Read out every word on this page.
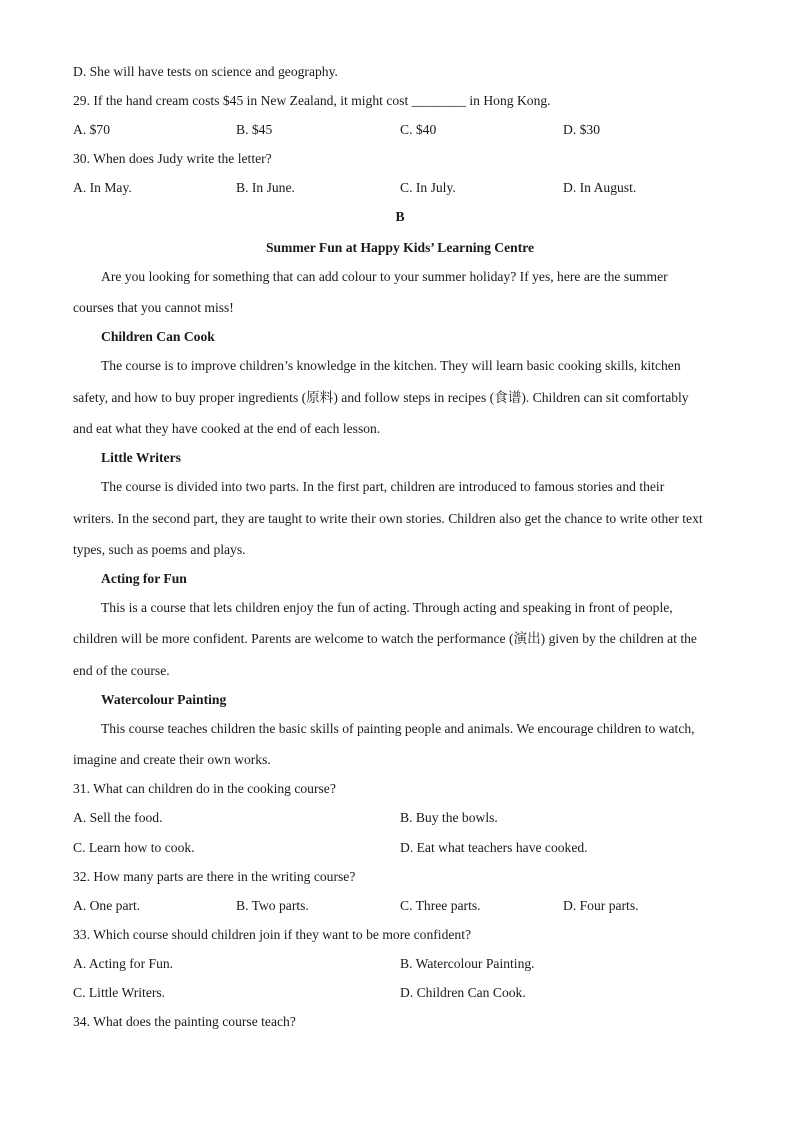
D. She will have tests on science and geography.
29. If the hand cream costs $45 in New Zealand, it might cost ________ in Hong Kong.
A. $70	B. $45	C. $40	D. $30
30. When does Judy write the letter?
A. In May.	B. In June.	C. In July.	D. In August.
B
Summer Fun at Happy Kids’ Learning Centre
Are you looking for something that can add colour to your summer holiday? If yes, here are the summer
courses that you cannot miss!
Children Can Cook
The course is to improve children’s knowledge in the kitchen. They will learn basic cooking skills, kitchen
safety, and how to buy proper ingredients (原料) and follow steps in recipes (食谱). Children can sit comfortably
and eat what they have cooked at the end of each lesson.
Little Writers
The course is divided into two parts. In the first part, children are introduced to famous stories and their
writers. In the second part, they are taught to write their own stories. Children also get the chance to write other text
types, such as poems and plays.
Acting for Fun
This is a course that lets children enjoy the fun of acting. Through acting and speaking in front of people,
children will be more confident. Parents are welcome to watch the performance (演出) given by the children at the
end of the course.
Watercolour Painting
This course teaches children the basic skills of painting people and animals. We encourage children to watch,
imagine and create their own works.
31. What can children do in the cooking course?
A. Sell the food.	B. Buy the bowls.
C. Learn how to cook.	D. Eat what teachers have cooked.
32. How many parts are there in the writing course?
A. One part.	B. Two parts.	C. Three parts.	D. Four parts.
33. Which course should children join if they want to be more confident?
A. Acting for Fun.	B. Watercolour Painting.
C. Little Writers.	D. Children Can Cook.
34. What does the painting course teach?
